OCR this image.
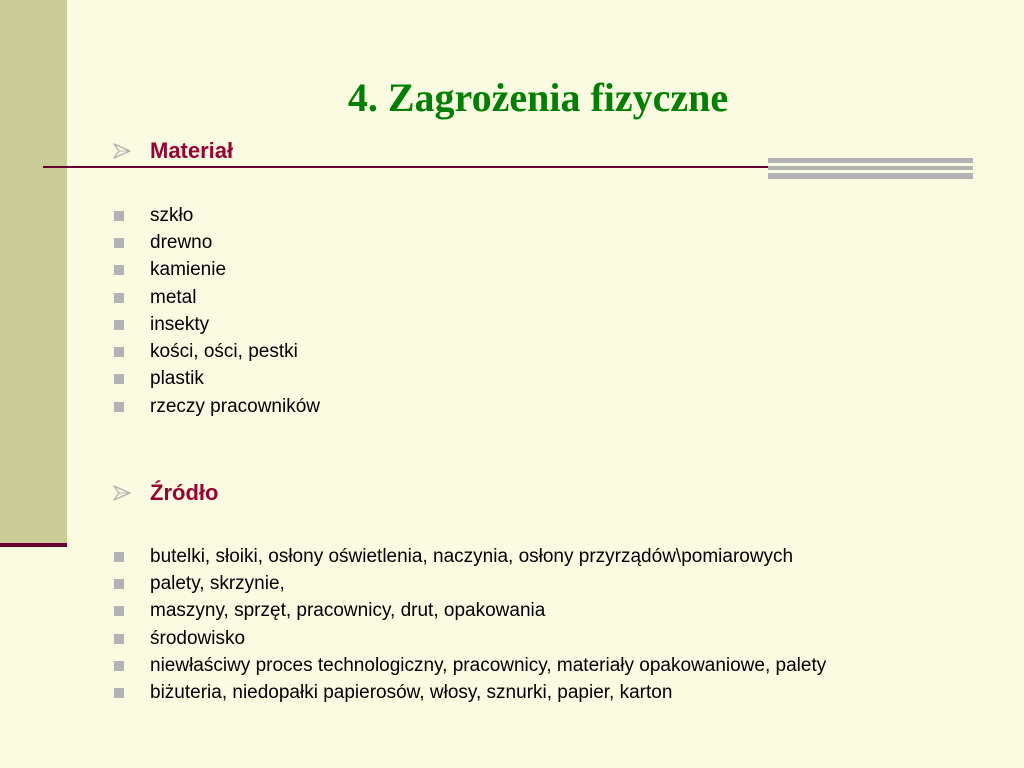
4. Zagrożenia fizyczne
Materiał
szkło
drewno
kamienie
metal
insekty
kości, ości, pestki
plastik
rzeczy pracowników
Źródło
butelki, słoiki, osłony oświetlenia, naczynia, osłony przyrządów\pomiarowych
palety, skrzynie,
maszyny, sprzęt, pracownicy, drut, opakowania
środowisko
niewłaściwy proces technologiczny, pracownicy, materiały opakowaniowe, palety
biżuteria, niedopałki papierosów, włosy, sznurki, papier, karton
